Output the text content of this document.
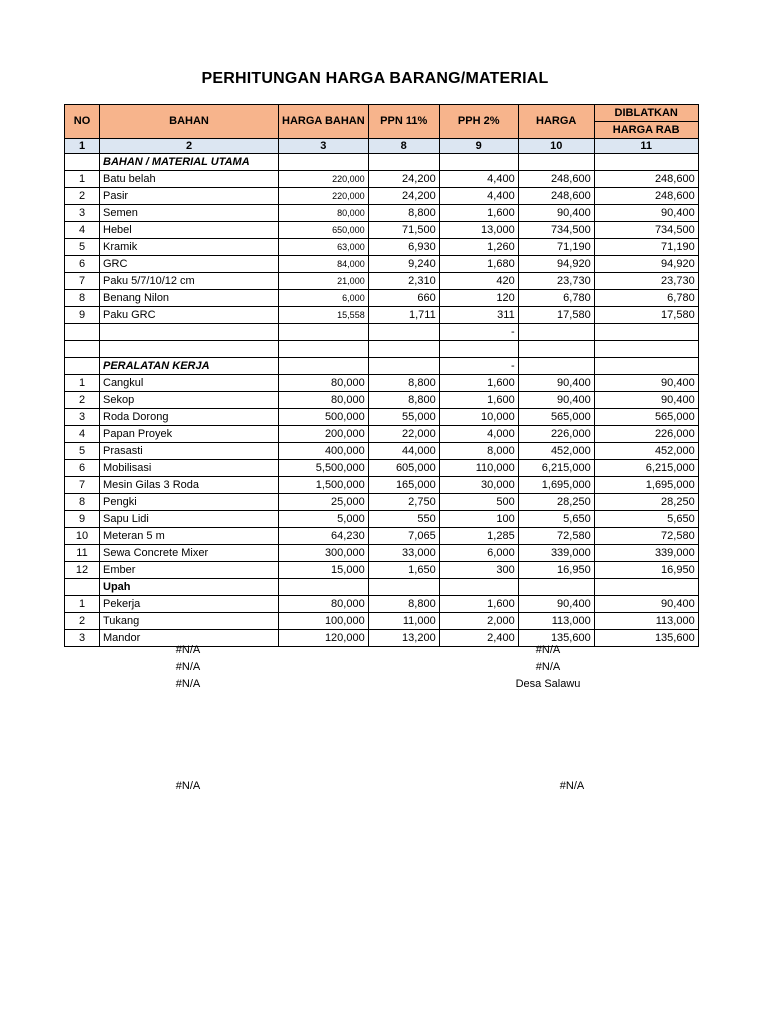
PERHITUNGAN HARGA BARANG/MATERIAL
NO	BAHAN	HARGA BAHAN	PPN 11%	PPH 2%	HARGA	DIBLATKAN
						HARGA RAB
1	2	3	8	9	10	11
	BAHAN / MATERIAL UTAMA					
1	Batu belah	220,000	24,200	4,400	248,600	248,600
2	Pasir	220,000	24,200	4,400	248,600	248,600
3	Semen	80,000	8,800	1,600	90,400	90,400
4	Hebel	650,000	71,500	13,000	734,500	734,500
5	Kramik	63,000	6,930	1,260	71,190	71,190
6	GRC	84,000	9,240	1,680	94,920	94,920
7	Paku 5/7/10/12 cm	21,000	2,310	420	23,730	23,730
8	Benang Nilon	6,000	660	120	6,780	6,780
9	Paku GRC	15,558	1,711	311	17,580	17,580
				-		

	PERALATAN KERJA			-		
1	Cangkul	80,000	8,800	1,600	90,400	90,400
2	Sekop	80,000	8,800	1,600	90,400	90,400
3	Roda Dorong	500,000	55,000	10,000	565,000	565,000
4	Papan Proyek	200,000	22,000	4,000	226,000	226,000
5	Prasasti	400,000	44,000	8,000	452,000	452,000
6	Mobilisasi	5,500,000	605,000	110,000	6,215,000	6,215,000
7	Mesin Gilas 3 Roda	1,500,000	165,000	30,000	1,695,000	1,695,000
8	Pengki	25,000	2,750	500	28,250	28,250
9	Sapu Lidi	5,000	550	100	5,650	5,650
10	Meteran 5 m	64,230	7,065	1,285	72,580	72,580
11	Sewa Concrete Mixer	300,000	33,000	6,000	339,000	339,000
12	Ember	15,000	1,650	300	16,950	16,950
	Upah					
1	Pekerja	80,000	8,800	1,600	90,400	90,400
2	Tukang	100,000	11,000	2,000	113,000	113,000
3	Mandor	120,000	13,200	2,400	135,600	135,600
#N/A
#N/A
#N/A
#N/A
#N/A
Desa Salawu
#N/A	#N/A
